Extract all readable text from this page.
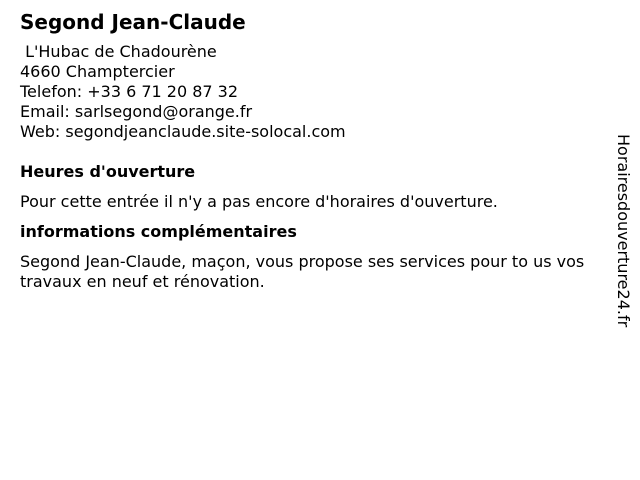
Segond Jean-Claude
L'Hubac de Chadourène
4660 Champtercier
Telefon: +33 6 71 20 87 32
Email: sarlsegond@orange.fr
Web: segondjeanclaude.site-solocal.com
Heures d'ouverture

Pour cette entrée il n'y a pas encore d'horaires d'ouverture.

informations complémentaires

Segond Jean-Claude, maçon, vous propose ses services pour to us vos travaux en neuf et rénovation.	Horairesdouverture24.fr
